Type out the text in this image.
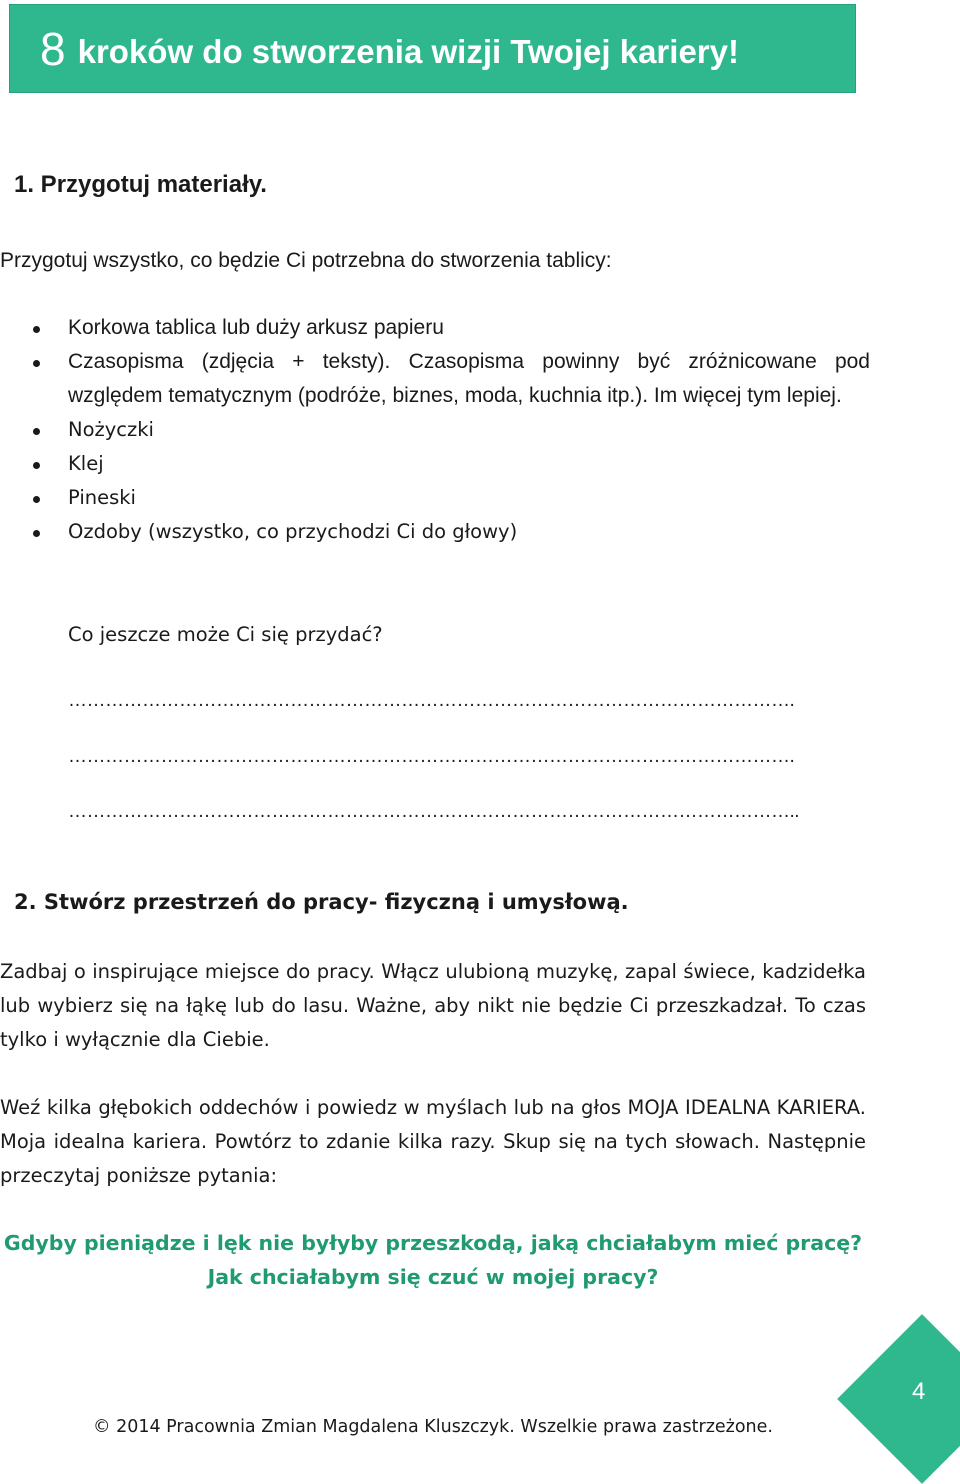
8 kroków do stworzenia wizji Twojej kariery!
1. Przygotuj materiały.

Przygotuj wszystko, co będzie Ci potrzebna do stworzenia tablicy:

Korkowa tablica lub duży arkusz papieru
Czasopisma (zdjęcia + teksty). Czasopisma powinny być zróżnicowane pod względem tematycznym (podróże, biznes, moda, kuchnia itp.). Im więcej tym lepiej.
Nożyczki
Klej
Pineski
Ozdoby (wszystko, co przychodzi Ci do głowy)

Co jeszcze może Ci się przydać?

……………………………………………………………………………………………………….

……………………………………………………………………………………………………….

………………………………………………………………………………………………………..

2. Stwórz przestrzeń do pracy- fizyczną i umysłową.

Zadbaj o inspirujące miejsce do pracy. Włącz ulubioną muzykę, zapal świece, kadzidełka lub wybierz się na łąkę lub do lasu. Ważne, aby nikt nie będzie Ci przeszkadzał. To czas tylko i wyłącznie dla Ciebie.

Weź kilka głębokich oddechów i powiedz w myślach lub na głos MOJA IDEALNA KARIERA. Moja idealna kariera. Powtórz to zdanie kilka razy. Skup się na tych słowach. Następnie przeczytaj poniższe pytania:

Gdyby pieniądze i lęk nie byłyby przeszkodą, jaką chciałabym mieć pracę?

Jak chciałabym się czuć w mojej pracy?

4

© 2014 Pracownia Zmian Magdalena Kluszczyk. Wszelkie prawa zastrzeżone.
